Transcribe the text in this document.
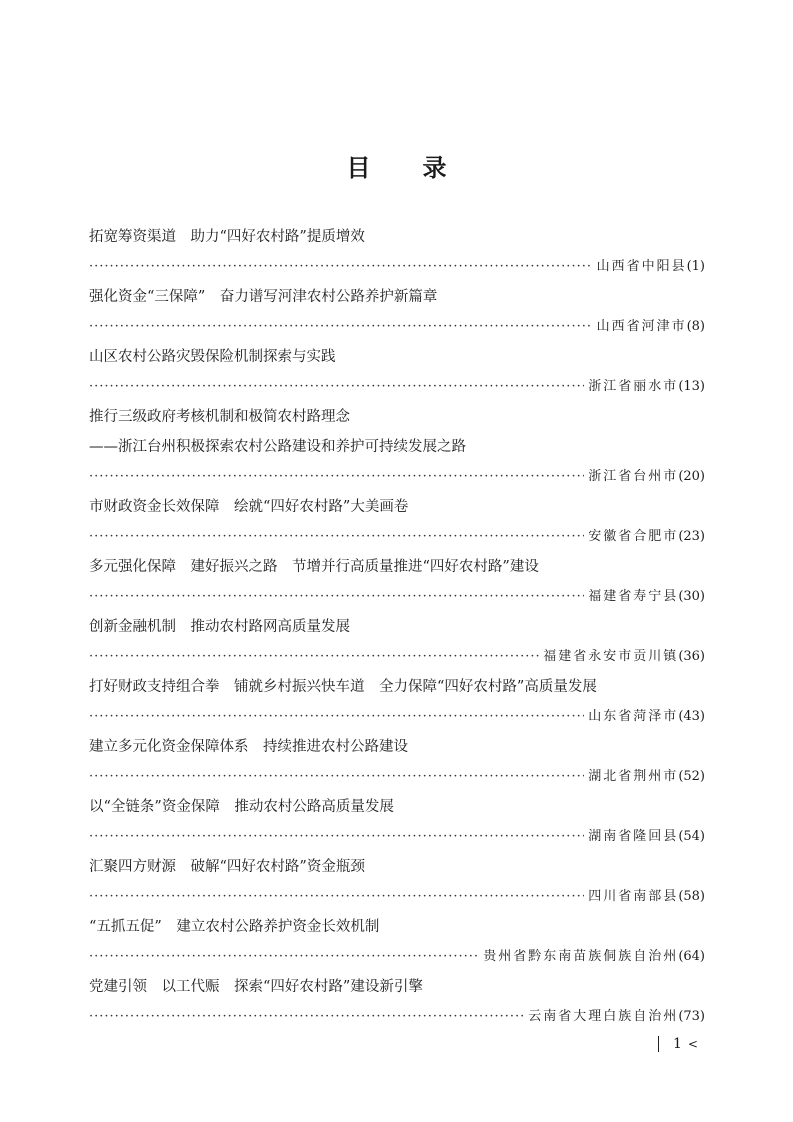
目录
拓宽筹资渠道　助力“四好农村路”提质增效
·····
山西省中阳县 (1)
强化资金“三保障”　奋力谱写河津农村公路养护新篇章
·····
山西省河津市 (8)
山区农村公路灾毁保险机制探索与实践
·····
浙江省丽水市 (13)
推行三级政府考核机制和极简农村路理念
——浙江台州积极探索农村公路建设和养护可持续发展之路
·····
浙江省台州市 (20)
市财政资金长效保障　绘就“四好农村路”大美画卷
·····
安徽省合肥市 (23)
多元强化保障　建好振兴之路　节增并行高质量推进“四好农村路”建设
·····
福建省寿宁县 (30)
创新金融机制　推动农村路网高质量发展
·····
福建省永安市贡川镇 (36)
打好财政支持组合拳　铺就乡村振兴快车道　全力保障“四好农村路”高质量发展
·····
山东省菏泽市 (43)
建立多元化资金保障体系　持续推进农村公路建设
·····
湖北省荆州市 (52)
以“全链条”资金保障　推动农村公路高质量发展
·····
湖南省隆回县 (54)
汇聚四方财源　破解“四好农村路”资金瓶颈
·····
四川省南部县 (58)
“五抓五促”　建立农村公路养护资金长效机制
·····
贵州省黔东南苗族侗族自治州 (64)
党建引领　以工代赈　探索“四好农村路”建设新引擎
·····
云南省大理白族自治州 (73)
1 <
